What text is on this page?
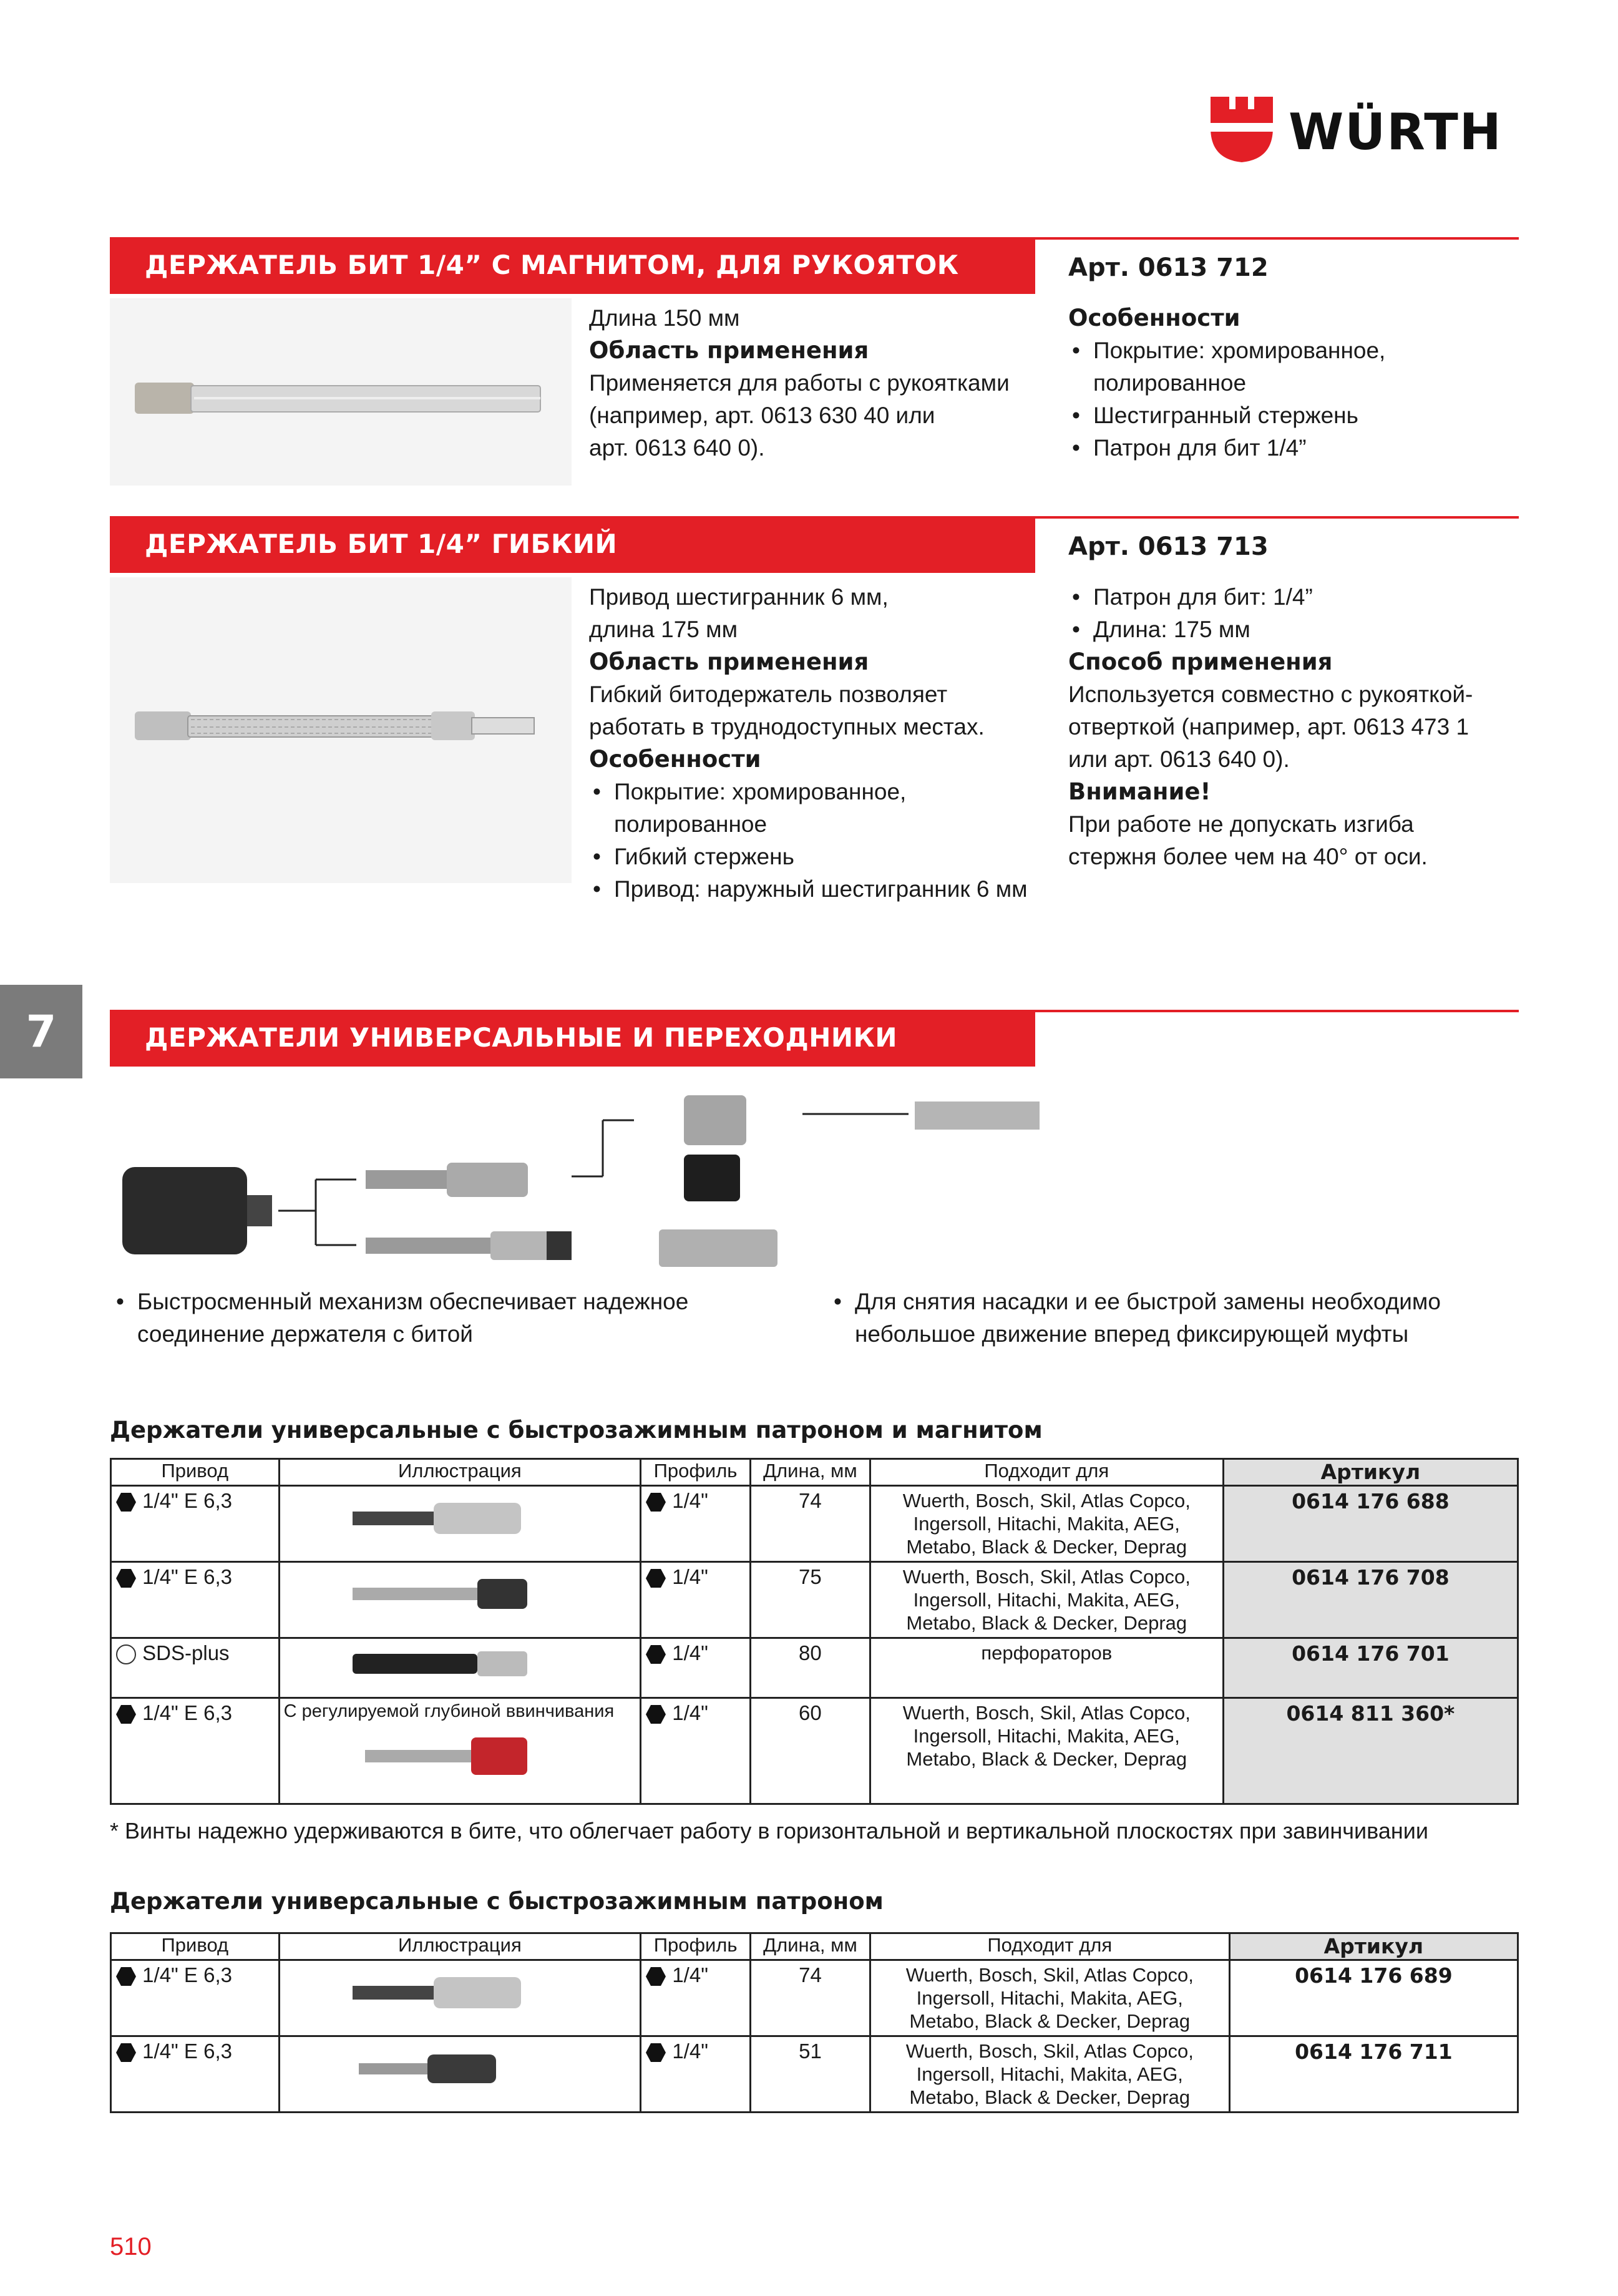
WÜRTH
ДЕРЖАТЕЛЬ БИТ 1/4” С МАГНИТОМ, ДЛЯ РУКОЯТОК	Арт. 0613 712
Длина 150 мм
Область применения
Применяется для работы с рукоятками
(например, арт. 0613 630 40 или
арт. 0613 640 0).
Особенности
• Покрытие: хромированное,
полированное
• Шестигранный стержень
• Патрон для бит 1/4”
ДЕРЖАТЕЛЬ БИТ 1/4” ГИБКИЙ	Арт. 0613 713
Привод шестигранник 6 мм,
длина 175 мм
Область применения
Гибкий битодержатель позволяет
работать в труднодоступных местах.
Особенности
• Покрытие: хромированное,
полированное
• Гибкий стержень
• Привод: наружный шестигранник 6 мм
• Патрон для бит: 1/4”
• Длина: 175 мм
Способ применения
Используется совместно с рукояткой-
отверткой (например, арт. 0613 473 1
или арт. 0613 640 0).
Внимание!
При работе не допускать изгиба
стержня более чем на 40° от оси.
7	ДЕРЖАТЕЛИ УНИВЕРСАЛЬНЫЕ И ПЕРЕХОДНИКИ
• Быстросменный механизм обеспечивает надежное
соединение держателя с битой
• Для снятия насадки и ее быстрой замены необходимо
небольшое движение вперед фиксирующей муфты
Держатели универсальные с быстрозажимным патроном и магнитом
Привод	Иллюстрация	Профиль	Длина, мм	Подходит для	Артикул
1/4" E 6,3		1/4"	74	Wuerth, Bosch, Skil, Atlas Copco,
Ingersoll, Hitachi, Makita, AEG,
Metabo, Black & Decker, Deprag	0614 176 688
1/4" E 6,3		1/4"	75	Wuerth, Bosch, Skil, Atlas Copco,
Ingersoll, Hitachi, Makita, AEG,
Metabo, Black & Decker, Deprag	0614 176 708
SDS-plus		1/4"	80	перфораторов	0614 176 701
1/4" E 6,3	С регулируемой глубиной ввинчивания	1/4"	60	Wuerth, Bosch, Skil, Atlas Copco,
Ingersoll, Hitachi, Makita, AEG,
Metabo, Black & Decker, Deprag	0614 811 360*
* Винты надежно удерживаются в бите, что облегчает работу в горизонтальной и вертикальной плоскостях при завинчивании
Держатели универсальные с быстрозажимным патроном
Привод	Иллюстрация	Профиль	Длина, мм	Подходит для	Артикул
1/4" E 6,3		1/4"	74	Wuerth, Bosch, Skil, Atlas Copco,
Ingersoll, Hitachi, Makita, AEG,
Metabo, Black & Decker, Deprag	0614 176 689
1/4" E 6,3		1/4"	51	Wuerth, Bosch, Skil, Atlas Copco,
Ingersoll, Hitachi, Makita, AEG,
Metabo, Black & Decker, Deprag	0614 176 711
510
